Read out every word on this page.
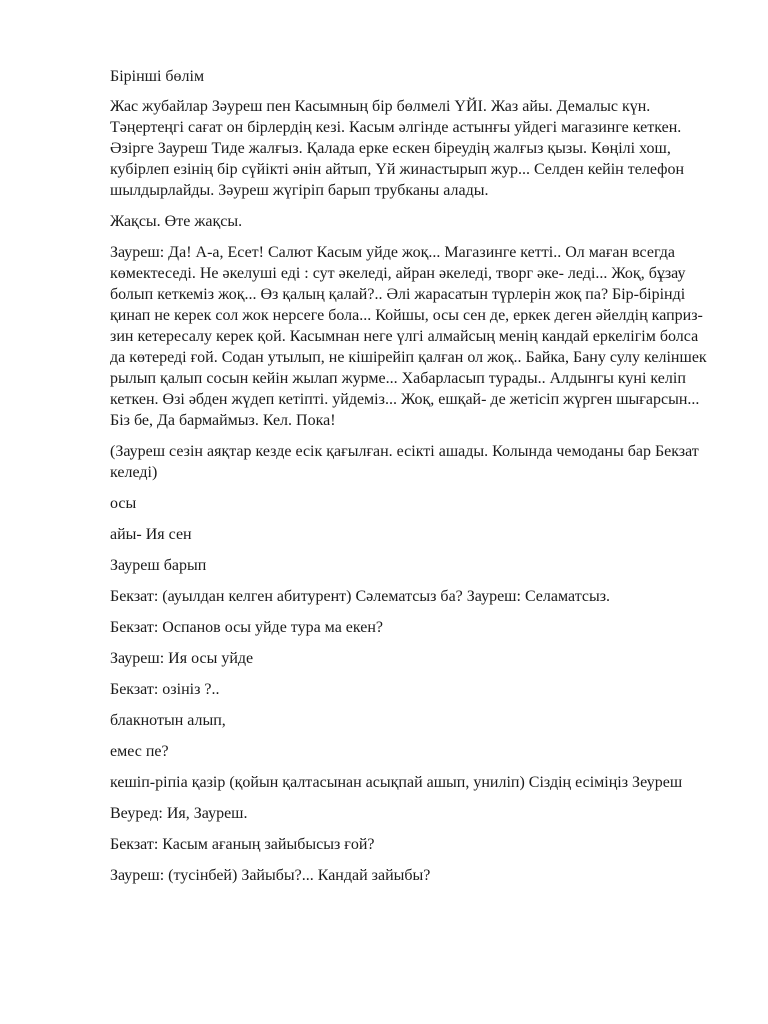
Бірінші бөлім

Жас жубайлар Зәуреш пен Касымның бір бөлмелі ҮЙІ. Жаз айы. Демалыс күн. Тәңертеңгі сағат он бірлердің кезі. Касым әлгінде астынғы уйдегі магазинге кеткен. Әзірге Зауреш Тиде жалғыз. Қалада ерке ескен біреудің жалғыз қызы. Көңілі хош, кубірлеп езінің бір сүйікті әнін айтып, Үй жинастырып жур... Селден кейін телефон шылдырлайды. Зәуреш жүгіріп барып трубканы алады.

Жақсы. Өте жақсы.

Зауреш: Да! А-а, Есет! Салют Касым уйде жоқ... Магазинге кетті.. Ол маған всегда көмектеседі. Не әкелуші еді : сут әкеледі, айран әкеледі, творг әке- леді... Жоқ, бұзау болып кеткеміз жоқ... Өз қалың қалай?.. Әлі жарасатын түрлерін жоқ па? Бір-бірінді қинап не керек сол жок нерсеге бола... Койшы, осы сен де, еркек деген әйелдің каприз- зин кетересалу керек қой. Касымнан неге үлгі алмайсың менің кандай еркелігім болса да көтереді ғой. Содан утылып, не кішірейіп қалған ол жоқ.. Байка, Бану сулу келіншек рылып қалып сосын кейін жылап журме... Хабарласып турады.. Алдынгы куні келіп кеткен. Өзі әбден жүдеп кетіпті. уйдеміз... Жоқ, ешқай- де жетісіп жүрген шығарсын... Біз бе, Да бармаймыз. Кел. Пока!

(Зауреш сезін аяқтар кезде есік қағылған. есікті ашады. Колында чемоданы бар Бекзат келеді)

осы

айы- Ия сен

Зауреш барып

Бекзат: (ауылдан келген абитурент) Сәлематсыз ба? Зауреш: Селаматсыз.

Бекзат: Оспанов осы уйде тура ма екен?

Зауреш: Ия осы уйде

Бекзат: озініз ?..

блакнотын алып,

емес пе?

кешіп-ріпіа қазір (қойын қалтасынан асықпай ашып, униліп) Сіздің есіміңіз Зеуреш

Веуред: Ия, Зауреш.

Бекзат: Касым ағаның зайыбысыз ғой?

Зауреш: (тусінбей) Зайыбы?... Кандай зайыбы?
